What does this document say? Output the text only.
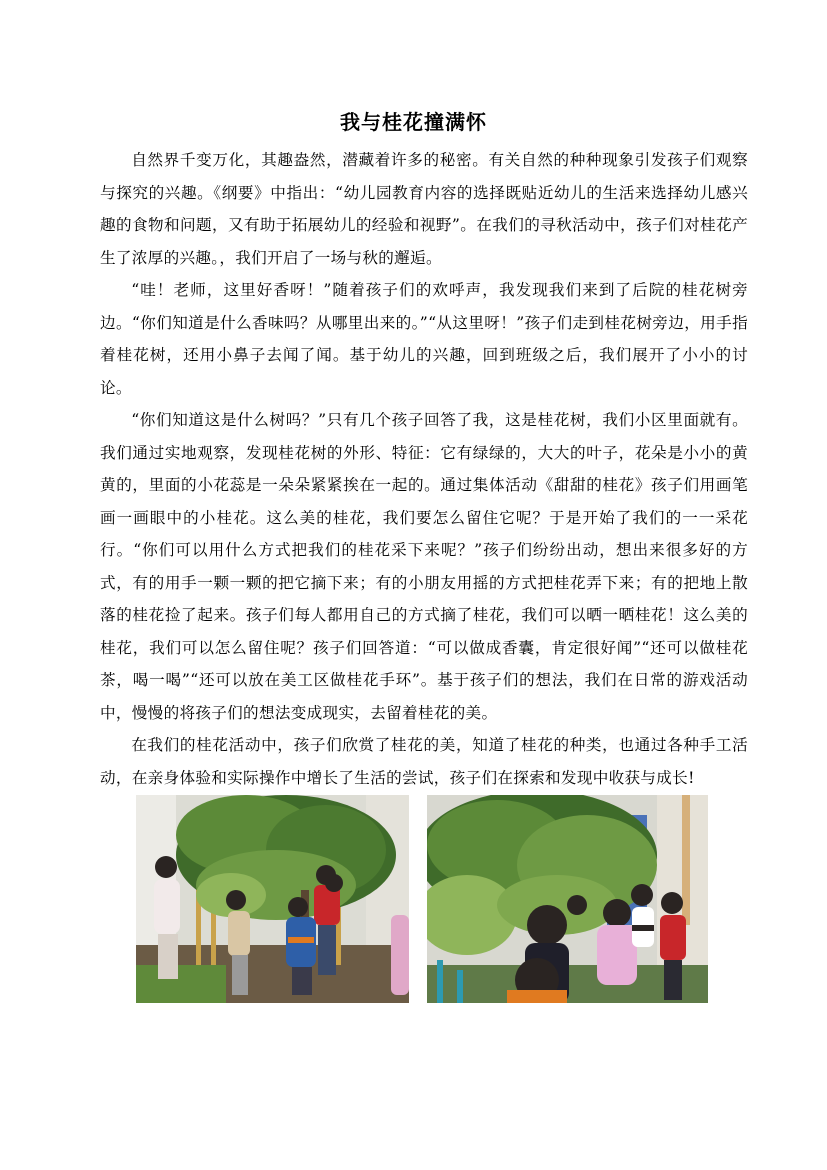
我与桂花撞满怀

自然界千变万化，其趣盎然，潜藏着许多的秘密。有关自然的种种现象引发孩子们观察与探究的兴趣。《纲要》中指出：“幼儿园教育内容的选择既贴近幼儿的生活来选择幼儿感兴趣的食物和问题，又有助于拓展幼儿的经验和视野”。在我们的寻秋活动中，孩子们对桂花产生了浓厚的兴趣。，我们开启了一场与秋的邂逅。

“哇！老师，这里好香呀！”随着孩子们的欢呼声，我发现我们来到了后院的桂花树旁边。“你们知道是什么香味吗？从哪里出来的。”“从这里呀！”孩子们走到桂花树旁边，用手指着桂花树，还用小鼻子去闻了闻。基于幼儿的兴趣，回到班级之后，我们展开了小小的讨论。

“你们知道这是什么树吗？”只有几个孩子回答了我，这是桂花树，我们小区里面就有。我们通过实地观察，发现桂花树的外形、特征：它有绿绿的，大大的叶子，花朵是小小的黄黄的，里面的小花蕊是一朵朵紧紧挨在一起的。通过集体活动《甜甜的桂花》孩子们用画笔画一画眼中的小桂花。这么美的桂花，我们要怎么留住它呢？于是开始了我们的一一采花行。“你们可以用什么方式把我们的桂花采下来呢？”孩子们纷纷出动，想出来很多好的方式，有的用手一颗一颗的把它摘下来；有的小朋友用摇的方式把桂花弄下来；有的把地上散落的桂花捡了起来。孩子们每人都用自己的方式摘了桂花，我们可以晒一晒桂花！这么美的桂花，我们可以怎么留住呢？孩子们回答道：“可以做成香囊，肯定很好闻”“还可以做桂花茶，喝一喝”“还可以放在美工区做桂花手环”。基于孩子们的想法，我们在日常的游戏活动中，慢慢的将孩子们的想法变成现实，去留着桂花的美。

在我们的桂花活动中，孩子们欣赏了桂花的美，知道了桂花的种类，也通过各种手工活动，在亲身体验和实际操作中增长了生活的尝试，孩子们在探索和发现中收获与成长!
